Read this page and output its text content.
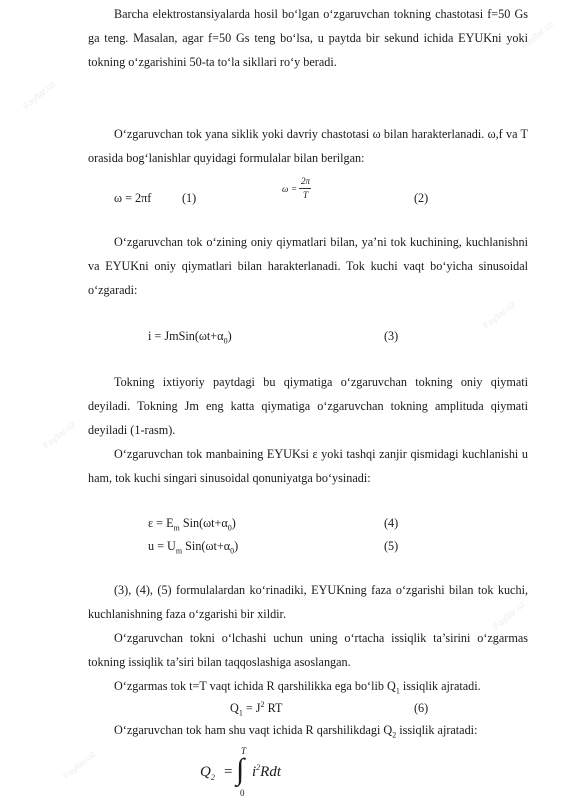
Barcha elektrostansiyalarda hosil bo‘lgan o‘zgaruvchan tokning chastotasi f=50 Gs ga teng. Masalan, agar f=50 Gs teng bo‘lsa, u paytda bir sekund ichida EYUKni yoki tokning o‘zgarishini 50-ta to‘la sikllari ro‘y beradi.

O‘zgaruvchan tok yana siklik yoki davriy chastotasi ω bilan harakterlanadi. ω,f va T orasida bog‘lanishlar quyidagi formulalar bilan berilgan:

ω = 2πf	(1)
ω =
2π
T	(2)

O‘zgaruvchan tok o‘zining oniy qiymatlari bilan, ya’ni tok kuchining, kuchlanishni va EYUKni oniy qiymatlari bilan harakterlanadi. Tok kuchi vaqt bo‘yicha sinusoidal o‘zgaradi:

$i = JmSin(\omega t+\alpha_0)$	(3)

Tokning ixtiyoriy paytdagi bu qiymatiga o‘zgaruvchan tokning oniy qiymati deyiladi. Tokning Jm eng katta qiymatiga o‘zgaruvchan tokning amplituda qiymati deyiladi (1-rasm).

O‘zgaruvchan tok manbaining EYUKsi ε yoki tashqi zanjir qismidagi kuchlanishi u ham, tok kuchi singari sinusoidal qonuniyatga bo‘ysinadi:

$\varepsilon = E_m$ $Sin(\omega t+\alpha_0)$	(4)
$u = U_m$ $Sin(\omega t+\alpha_0)$	(5)

(3), (4), (5) formulalardan ko‘rinadiki, EYUKning faza o‘zgarishi bilan tok kuchi, kuchlanishning faza o‘zgarishi bir xildir.

O‘zgaruvchan tokni o‘lchashi uchun uning o‘rtacha issiqlik ta’sirini o‘zgarmas tokning issiqlik ta’siri bilan taqqoslashiga asoslangan.

O‘zgarmas tok t=T vaqt ichida R qarshilikka ega bo‘lib $Q_1$ issiqlik ajratadi.

$Q_1 = J^2$ RT	(6)

O‘zgaruvchan tok ham shu vaqt ichida R qarshilikdagi $Q_2$ issiqlik ajratadi:

$Q_2$ = ∫
T
0
$i^2Rdt$
Fayllar.uz
Fayllar.uz
Fayllar.uz
Fayllar.uz
Fayllar.uz
Fayllar.uz
